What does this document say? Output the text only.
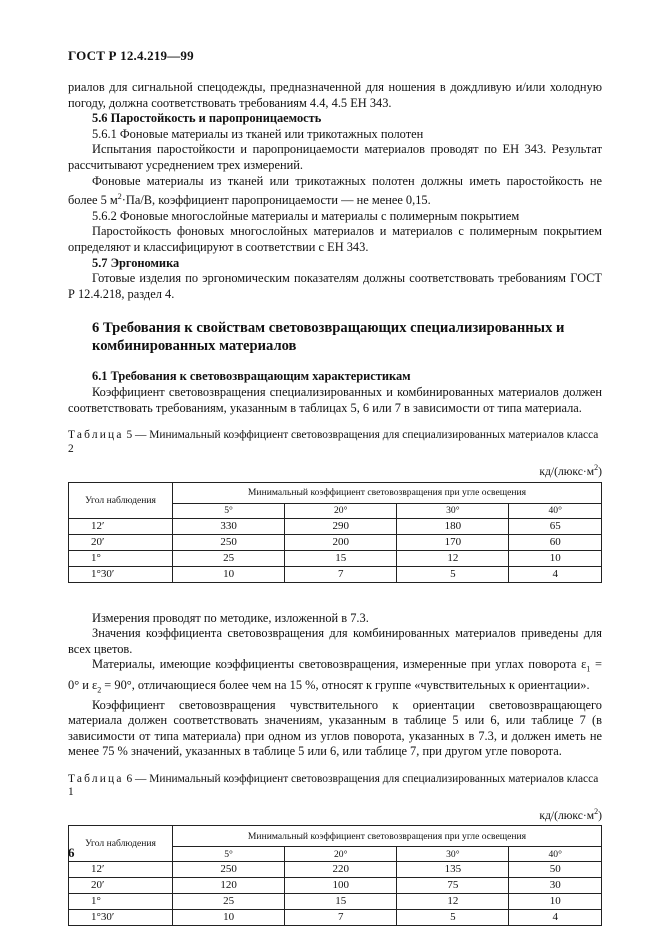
ГОСТ Р 12.4.219—99

риалов для сигнальной спецодежды, предназначенной для ношения в дождливую и/или холодную погоду, должна соответствовать требованиям 4.4, 4.5 ЕН 343.

5.6 Паростойкость и паропроницаемость

5.6.1 Фоновые материалы из тканей или трикотажных полотен

Испытания паростойкости и паропроницаемости материалов проводят по ЕН 343. Результат рассчитывают усреднением трех измерений.

Фоновые материалы из тканей или трикотажных полотен должны иметь паростойкость не более 5 $м^2\cdot Па/В$, коэффициент паропроницаемости — не менее 0,15.

5.6.2 Фоновые многослойные материалы и материалы с полимерным покрытием

Паростойкость фоновых многослойных материалов и материалов с полимерным покрытием определяют и классифицируют в соответствии с ЕН 343.

5.7 Эргономика

Готовые изделия по эргономическим показателям должны соответствовать требованиям ГОСТ Р 12.4.218, раздел 4.

6 Требования к свойствам световозвращающих специализированных и комбинированных материалов

6.1 Требования к световозвращающим характеристикам

Коэффициент световозвращения специализированных и комбинированных материалов должен соответствовать требованиям, указанным в таблицах 5, 6 или 7 в зависимости от типа материала.

Таблица 5 — Минимальный коэффициент световозвращения для специализированных материалов класса 2

$кд/(люкс\cdot м^2)$

Угол наблюдения	Минимальный коэффициент световозвращения при угле освещения			
	5°	20°	30°	40°
12′	330	290	180	65
20′	250	200	170	60
1°	25	15	12	10
1°30′	10	7	5	4

Измерения проводят по методике, изложенной в 7.3.

Значения коэффициента световозвращения для комбинированных материалов приведены для всех цветов.

Материалы, имеющие коэффициенты световозвращения, измеренные при углах поворота $\varepsilon_1 = 0^\circ$ и $\varepsilon_2 = 90^\circ$, отличающиеся более чем на 15 %, относят к группе «чувствительных к ориентации».

Коэффициент световозвращения чувствительного к ориентации световозвращающего материала должен соответствовать значениям, указанным в таблице 5 или 6, или таблице 7 (в зависимости от типа материала) при одном из углов поворота, указанных в 7.3, и должен иметь не менее 75 % значений, указанных в таблице 5 или 6, или таблице 7, при другом угле поворота.

Таблица 6 — Минимальный коэффициент световозвращения для специализированных материалов класса 1

$кд/(люкс\cdot м^2)$

Угол наблюдения	Минимальный коэффициент световозвращения при угле освещения			
	5°	20°	30°	40°
12′	250	220	135	50
20′	120	100	75	30
1°	25	15	12	10
1°30′	10	7	5	4
6
